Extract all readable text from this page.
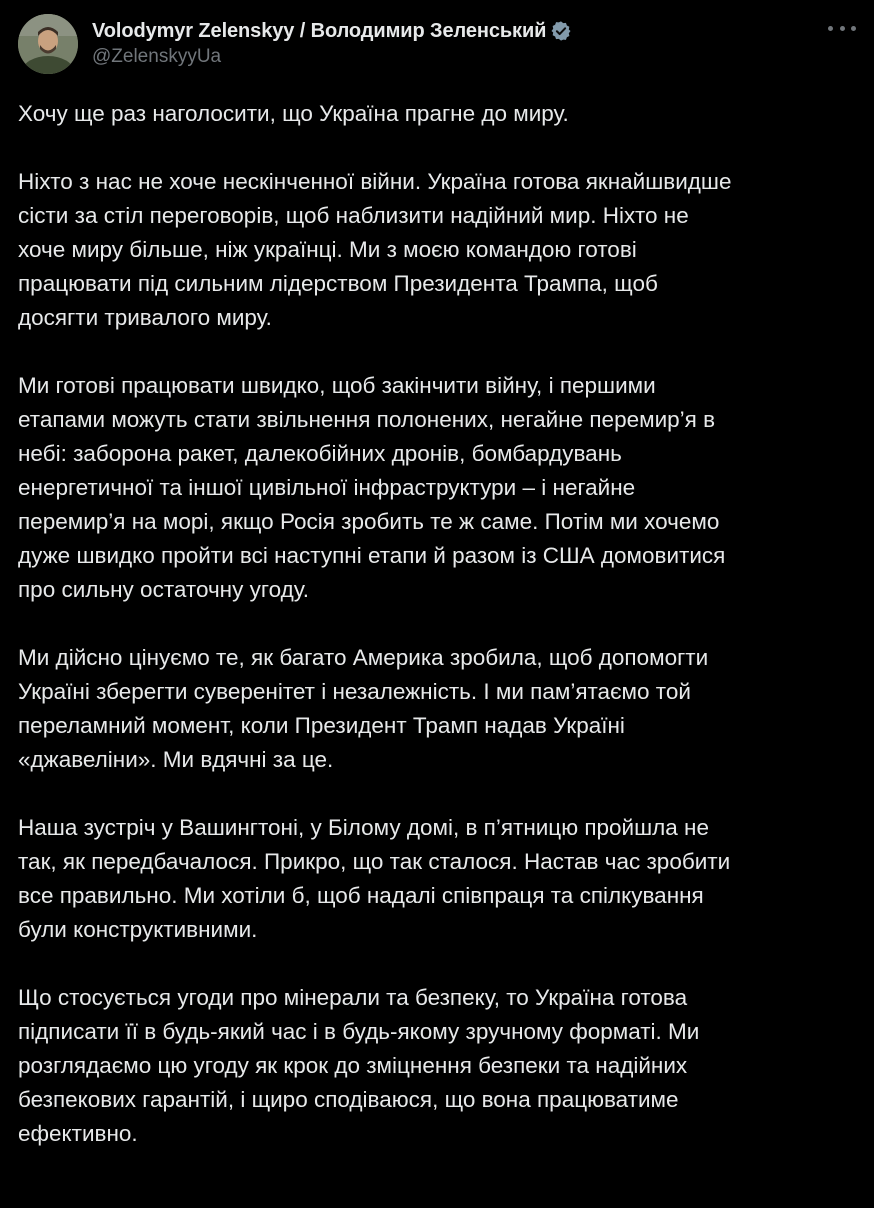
Volodymyr Zelenskyy / Володимир Зеленський
@ZelenskyyUa

Хочу ще раз наголосити, що Україна прагне до миру.

Ніхто з нас не хоче нескінченної війни. Україна готова якнайшвидше
сісти за стіл переговорів, щоб наблизити надійний мир. Ніхто не
хоче миру більше, ніж українці. Ми з моєю командою готові
працювати під сильним лідерством Президента Трампа, щоб
досягти тривалого миру.

Ми готові працювати швидко, щоб закінчити війну, і першими
етапами можуть стати звільнення полонених, негайне перемир’я в
небі: заборона ракет, далекобійних дронів, бомбардувань
енергетичної та іншої цивільної інфраструктури – і негайне
перемир’я на морі, якщо Росія зробить те ж саме. Потім ми хочемо
дуже швидко пройти всі наступні етапи й разом із США домовитися
про сильну остаточну угоду.

Ми дійсно цінуємо те, як багато Америка зробила, щоб допомогти
Україні зберегти суверенітет і незалежність. І ми пам’ятаємо той
переламний момент, коли Президент Трамп надав Україні
«джавеліни». Ми вдячні за це.

Наша зустріч у Вашингтоні, у Білому домі, в п’ятницю пройшла не
так, як передбачалося. Прикро, що так сталося. Настав час зробити
все правильно. Ми хотіли б, щоб надалі співпраця та спілкування
були конструктивними.

Що стосується угоди про мінерали та безпеку, то Україна готова
підписати її в будь-який час і в будь-якому зручному форматі. Ми
розглядаємо цю угоду як крок до зміцнення безпеки та надійних
безпекових гарантій, і щиро сподіваюся, що вона працюватиме
ефективно.
